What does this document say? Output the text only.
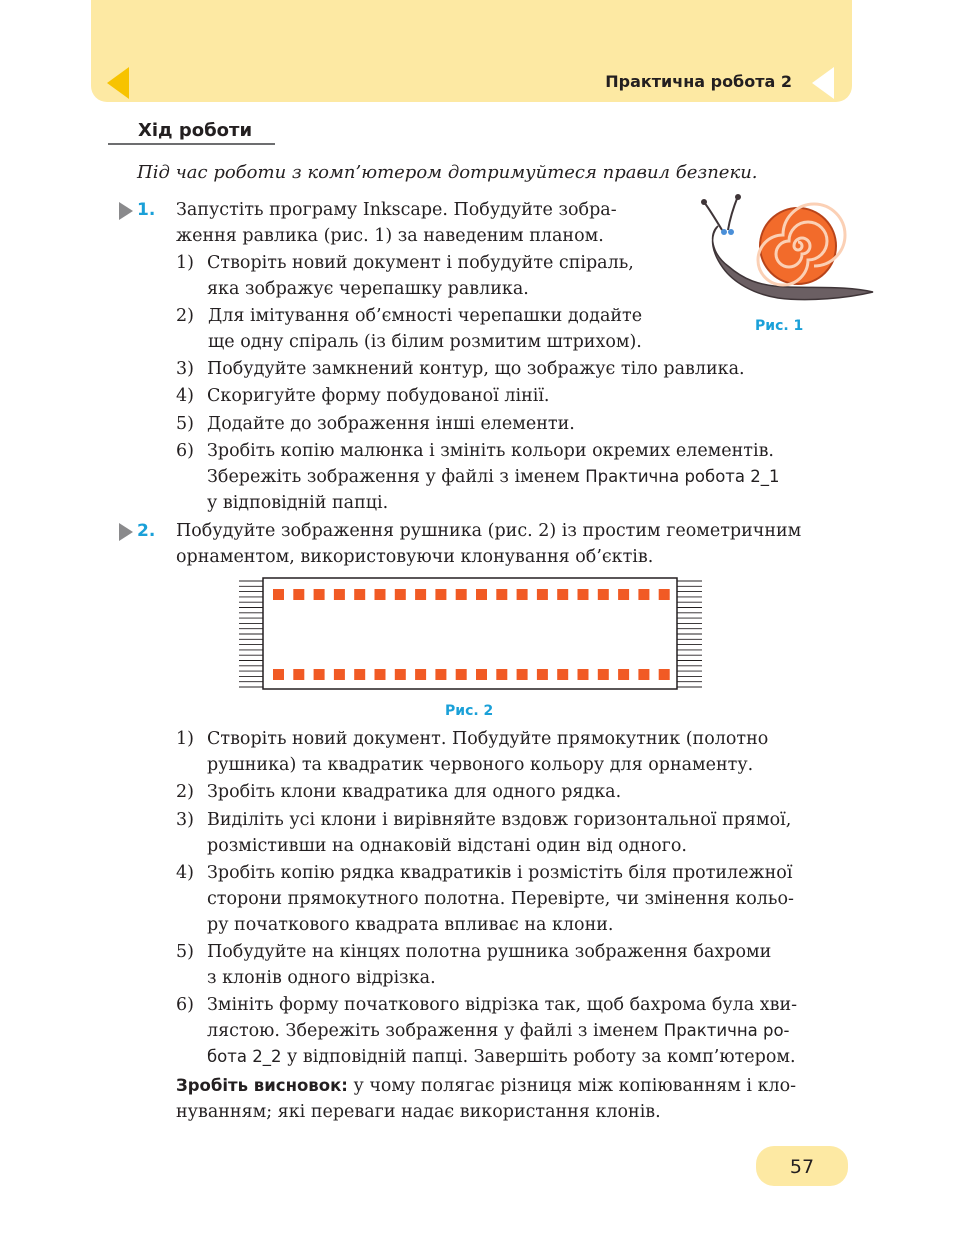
Практична робота 2
Хід роботи
Під час роботи з комп’ютером дотримуйтеся правил безпеки.
1. Запустіть програму Inkscape. Побудуйте зобра-
ження равлика (рис. 1) за наведеним планом.
1) Створіть новий документ і побудуйте спіраль,
яка зображує черепашку равлика.
2) Для імітування об’ємності черепашки додайте
ще одну спіраль (із білим розмитим штрихом).
3) Побудуйте замкнений контур, що зображує тіло равлика.
4) Скоригуйте форму побудованої лінії.
5) Додайте до зображення інші елементи.
6) Зробіть копію малюнка і змініть кольори окремих елементів.
Збережіть зображення у файлі з іменем Практична робота 2_1
у відповідній папці.
Рис. 1
2. Побудуйте зображення рушника (рис. 2) із простим геометричним
орнаментом, використовуючи клонування об’єктів.
Рис. 2
1) Створіть новий документ. Побудуйте прямокутник (полотно
рушника) та квадратик червоного кольору для орнаменту.
2) Зробіть клони квадратика для одного рядка.
3) Виділіть усі клони і вирівняйте вздовж горизонтальної прямої,
розмістивши на однаковій відстані один від одного.
4) Зробіть копію рядка квадратиків і розмістіть біля протилежної
сторони прямокутного полотна. Перевірте, чи змінення кольо-
ру початкового квадрата впливає на клони.
5) Побудуйте на кінцях полотна рушника зображення бахроми
з клонів одного відрізка.
6) Змініть форму початкового відрізка так, щоб бахрома була хви-
лястою. Збережіть зображення у файлі з іменем Практична ро-
бота 2_2 у відповідній папці. Завершіть роботу за комп’ютером.
Зробіть висновок: у чому полягає різниця між копіюванням і кло-
нуванням; які переваги надає використання клонів.
57
